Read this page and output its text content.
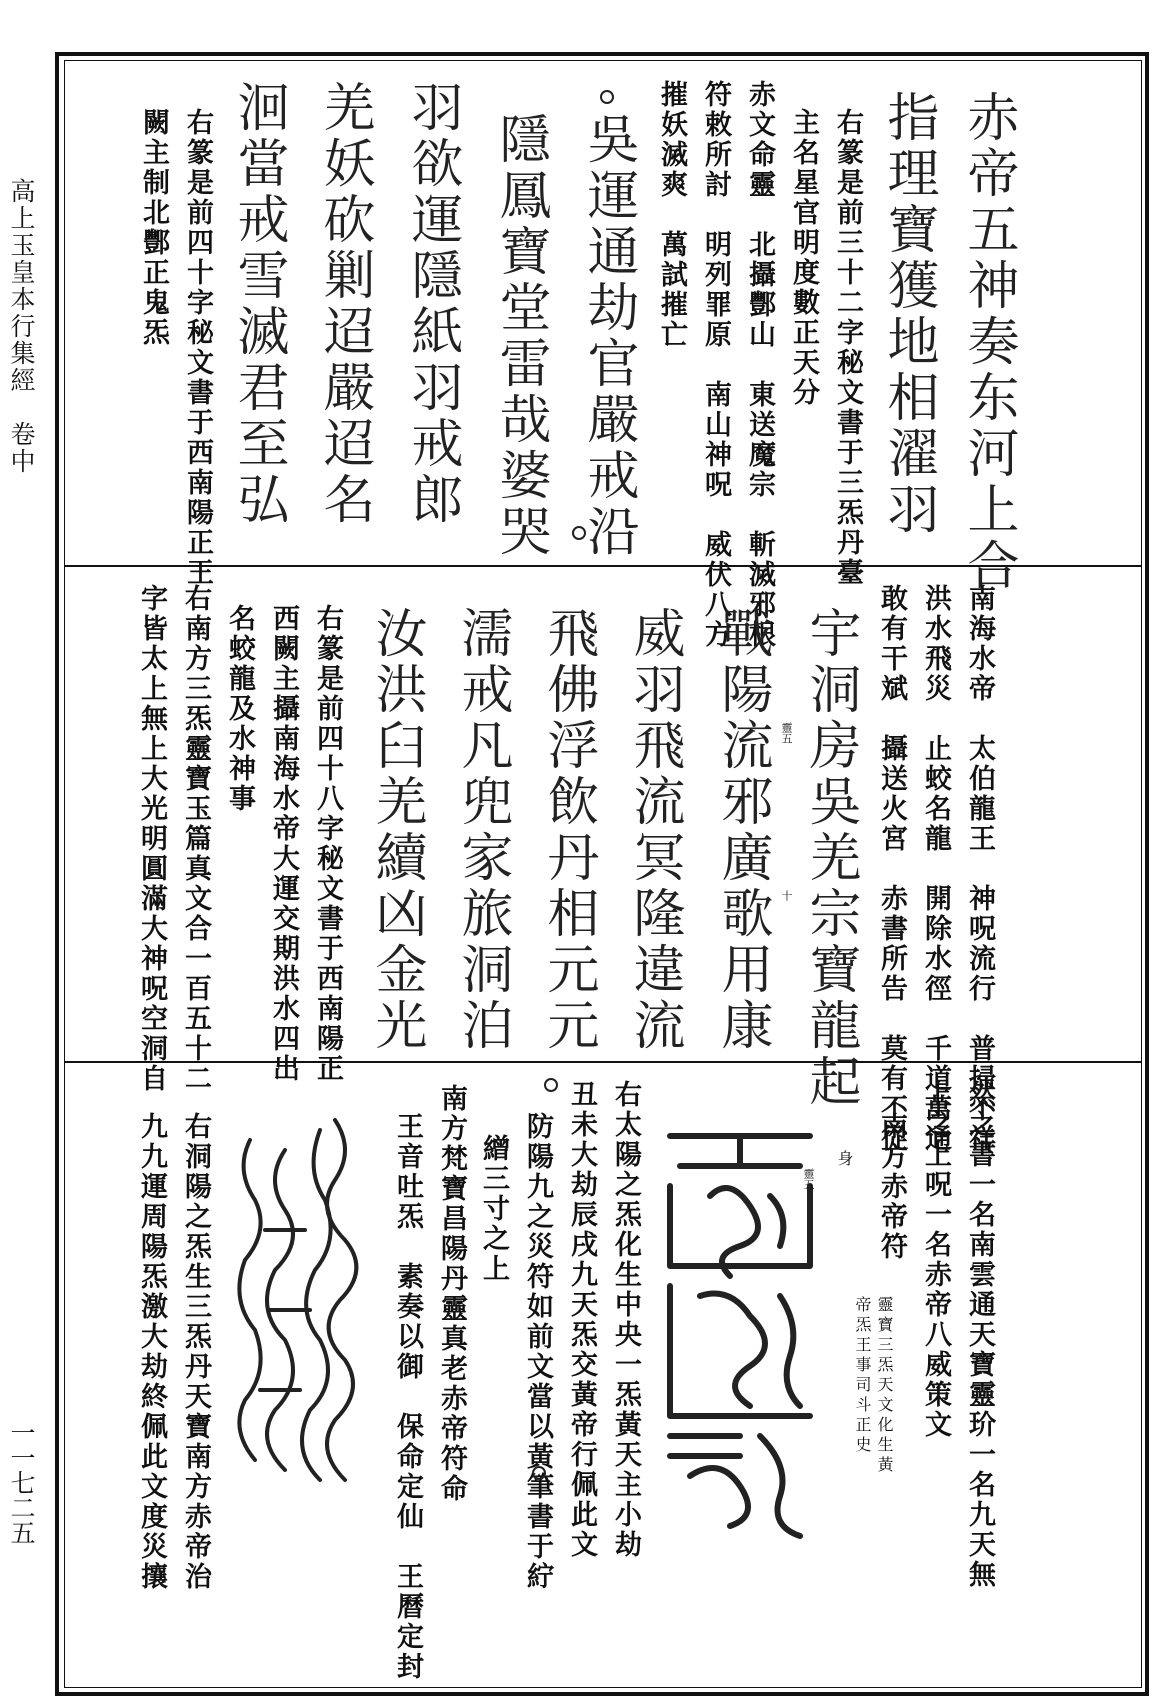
高上玉皇本行集經　卷中
一一七二五
赤帝五神奏东河上合
指理寶獲地相濯羽
右篆是前三十二字秘文書于三炁丹臺
主名星官明度數正天分
赤文命靈　北攝酆山　東送魔宗　斬滅邪根
符敕所討　明列罪原　南山神呪　威伏八方
摧妖滅爽　萬試摧亡
吳運通劫官嚴戒沿
隱鳳寶堂雷哉婆哭
羽欲運隱紙羽戒郎
羌妖砍剿迢嚴迢名
洄當戒雪滅君至弘
右篆是前四十字秘文書于西南陽正王
闕主制北酆正鬼炁
南海水帝　太伯龍王　神呪流行　普掃不祥
洪水飛災　止蛟名龍　開除水徑　千道萬通
敢有干斌　攝送火宮　赤書所告　莫有不從
宇洞房吳羌宗寶龍起
靈五
十
戰陽流邪廣歌用康
威羽飛流冥隆違流
飛佛浮飲丹相元元
濡戒凡兜家旅洞泊
汝洪臼羌續凶金光
右篆是前四十八字秘文書于西南陽正
西闕主攝南海水帝大運交期洪水四出
名蛟龍及水神事
右南方三炁靈寶玉篇真文合一百五十二
字皆太上無上大光明圓滿大神呪空洞自
然之書一名南雲通天寶靈玠一名九天無
上之上呪一名赤帝八威策文
南方赤帝符
靈寶三炁天文化生黃
帝炁王事司斗正史
身
靈五
右太陽之炁化生中央一炁黃天主小劫
丑未大劫辰戌九天炁交黃帝行佩此文
防陽九之災符如前文當以黃筆書于紵
繒三寸之上
南方梵寶昌陽丹靈真老赤帝符命
王音吐炁　素奏以御　保命定仙　王曆定封
右洞陽之炁生三炁丹天寶南方赤帝治
九九運周陽炁激大劫終佩此文度災攘
